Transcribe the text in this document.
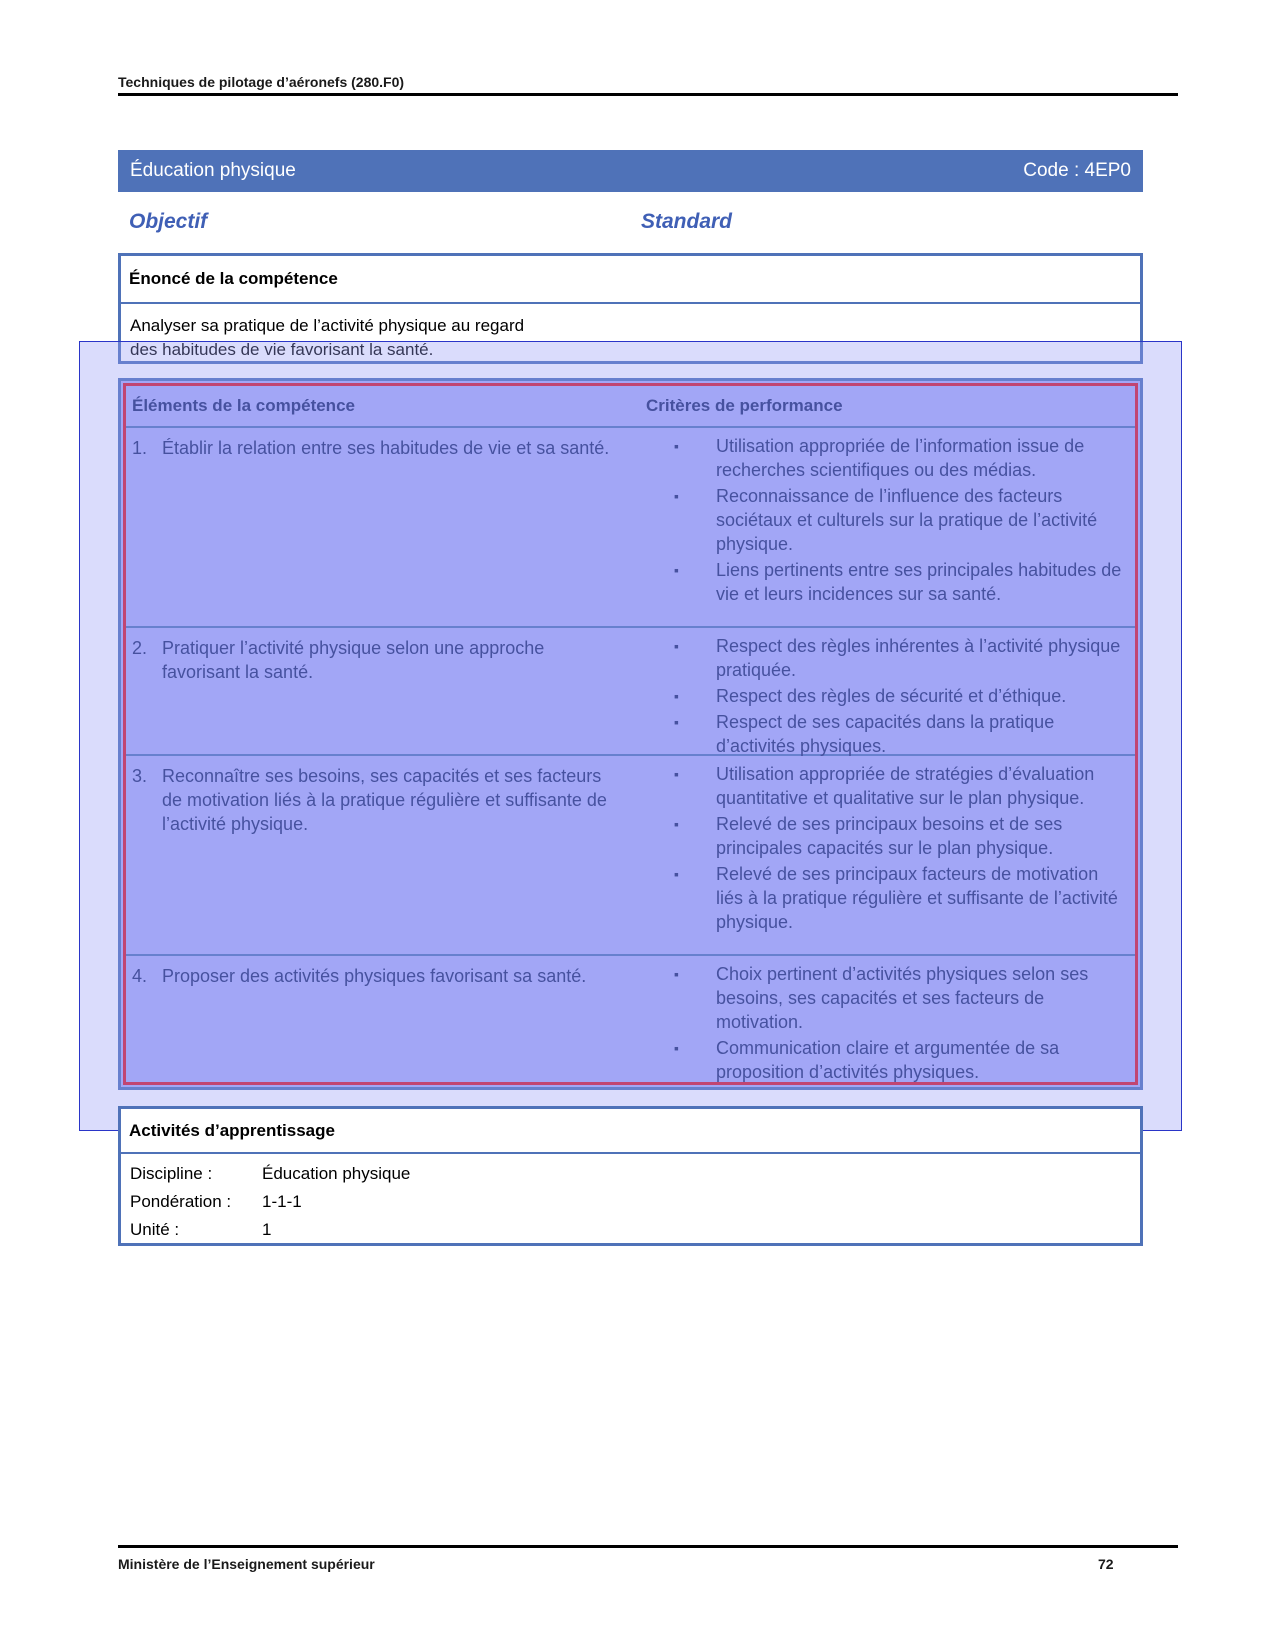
Techniques de pilotage d’aéronefs (280.F0)
Éducation physique	Code : 4EP0
Objectif	Standard
Énoncé de la compétence
Analyser sa pratique de l’activité physique au regard
des habitudes de vie favorisant la santé.
Éléments de la compétence	Critères de performance
1. Établir la relation entre ses habitudes de vie et sa santé.	▪ Utilisation appropriée de l’information issue de recherches scientifiques ou des médias.
▪ Reconnaissance de l’influence des facteurs sociétaux et culturels sur la pratique de l’activité physique.
▪ Liens pertinents entre ses principales habitudes de vie et leurs incidences sur sa santé.
2. Pratiquer l’activité physique selon une approche favorisant la santé.
▪ Respect des règles inhérentes à l’activité physique pratiquée.
▪ Respect des règles de sécurité et d’éthique.
▪ Respect de ses capacités dans la pratique d’activités physiques.
3. Reconnaître ses besoins, ses capacités et ses facteurs de motivation liés à la pratique régulière et suffisante de l’activité physique.
▪ Utilisation appropriée de stratégies d’évaluation quantitative et qualitative sur le plan physique.
▪ Relevé de ses principaux besoins et de ses principales capacités sur le plan physique.
▪ Relevé de ses principaux facteurs de motivation liés à la pratique régulière et suffisante de l’activité physique.
4. Proposer des activités physiques favorisant sa santé.	▪ Choix pertinent d’activités physiques selon ses besoins, ses capacités et ses facteurs de motivation.
▪ Communication claire et argumentée de sa proposition d’activités physiques.
Activités d’apprentissage
Discipline :	Éducation physique
Pondération :	1-1-1
Unité :	1
Ministère de l’Enseignement supérieur	72
